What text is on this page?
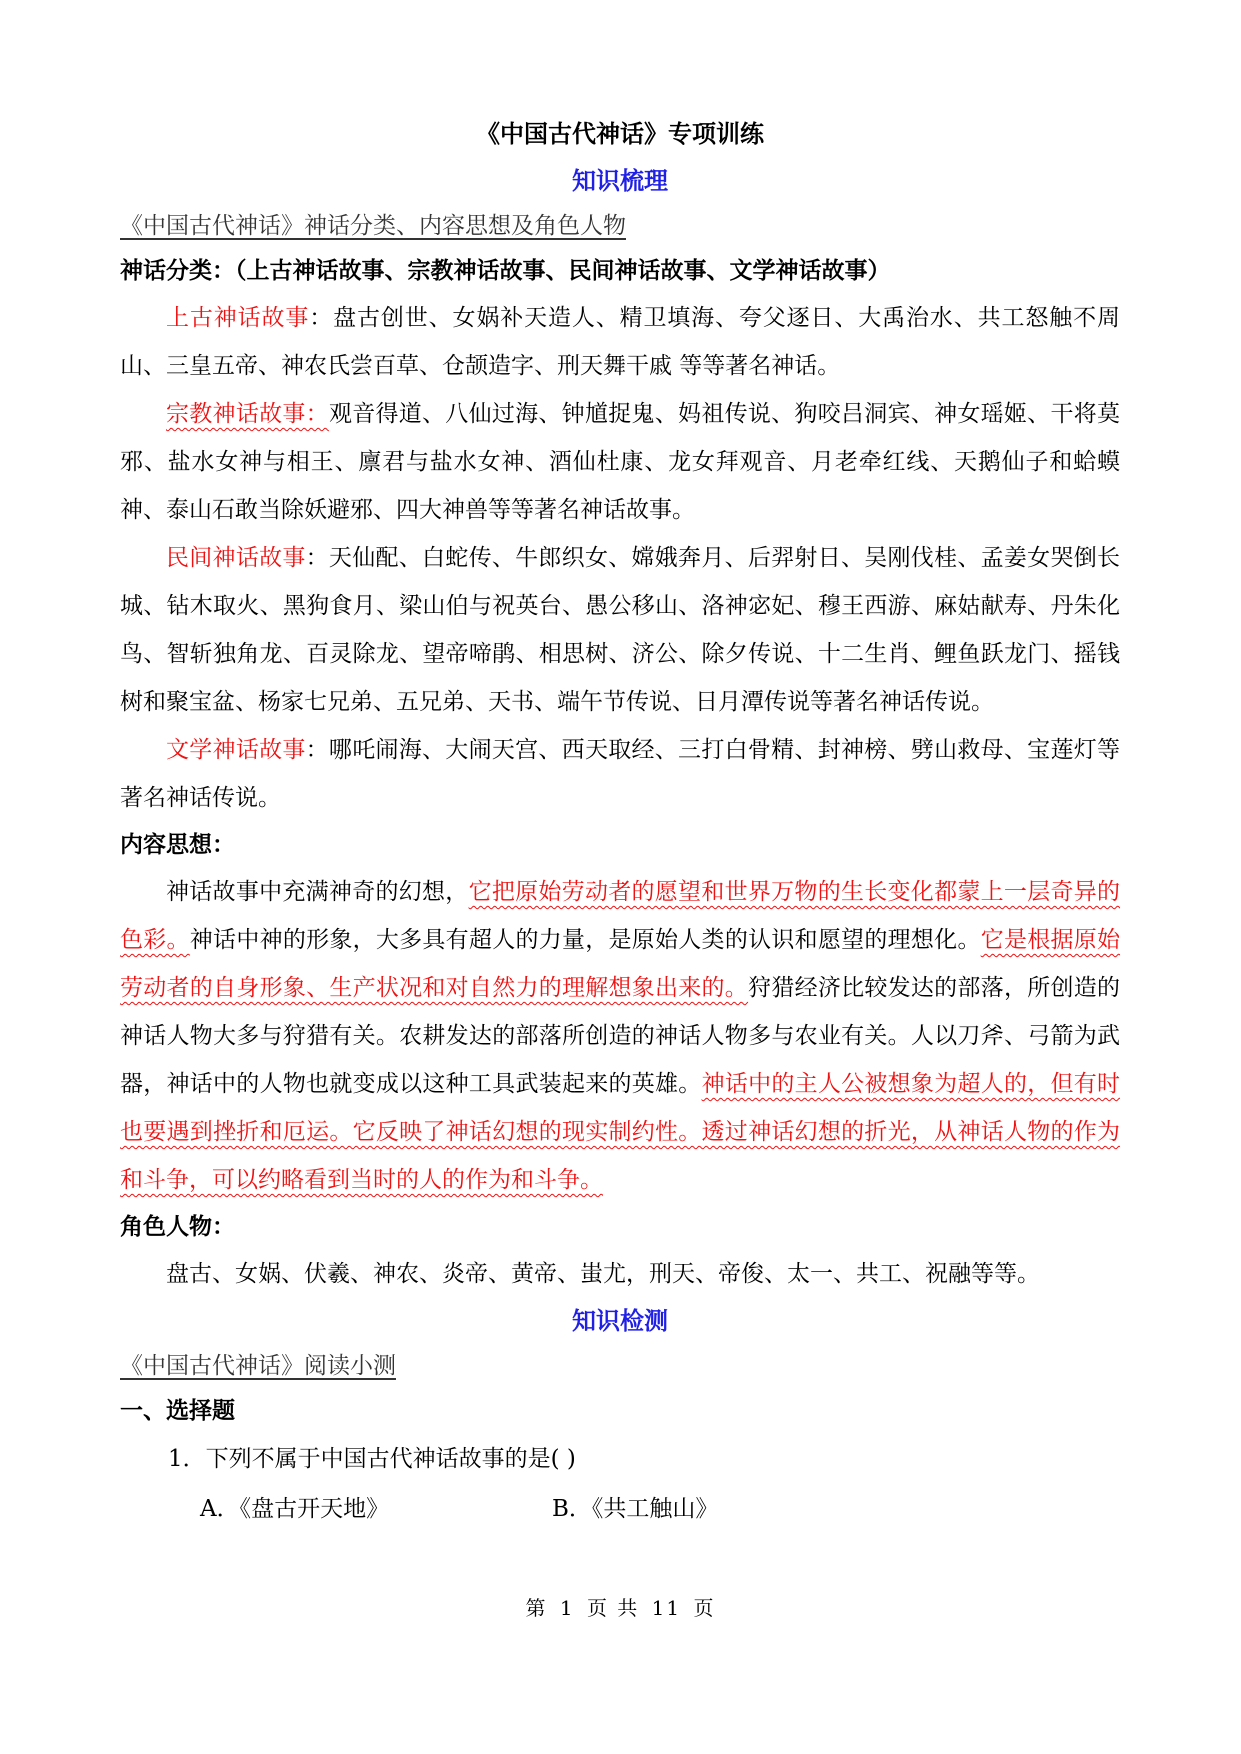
《中国古代神话》专项训练
知识梳理
《中国古代神话》神话分类、内容思想及角色人物
神话分类：（上古神话故事、宗教神话故事、民间神话故事、文学神话故事）

上古神话故事：盘古创世、女娲补天造人、精卫填海、夸父逐日、大禹治水、共工怒触不周山、三皇五帝、神农氏尝百草、仓颉造字、刑天舞干戚 等等著名神话。

宗教神话故事：观音得道、八仙过海、钟馗捉鬼、妈祖传说、狗咬吕洞宾、神女瑶姬、干将莫邪、盐水女神与相王、廪君与盐水女神、酒仙杜康、龙女拜观音、月老牵红线、天鹅仙子和蛤蟆神、泰山石敢当除妖避邪、四大神兽等等著名神话故事。

民间神话故事：天仙配、白蛇传、牛郎织女、嫦娥奔月、后羿射日、吴刚伐桂、孟姜女哭倒长城、钻木取火、黑狗食月、梁山伯与祝英台、愚公移山、洛神宓妃、穆王西游、麻姑献寿、丹朱化鸟、智斩独角龙、百灵除龙、望帝啼鹃、相思树、济公、除夕传说、十二生肖、鲤鱼跃龙门、摇钱树和聚宝盆、杨家七兄弟、五兄弟、天书、端午节传说、日月潭传说等著名神话传说。

文学神话故事：哪吒闹海、大闹天宫、西天取经、三打白骨精、封神榜、劈山救母、宝莲灯等著名神话传说。

内容思想：

神话故事中充满神奇的幻想，它把原始劳动者的愿望和世界万物的生长变化都蒙上一层奇异的色彩。神话中神的形象，大多具有超人的力量，是原始人类的认识和愿望的理想化。它是根据原始劳动者的自身形象、生产状况和对自然力的理解想象出来的。狩猎经济比较发达的部落，所创造的神话人物大多与狩猎有关。农耕发达的部落所创造的神话人物多与农业有关。人以刀斧、弓箭为武器，神话中的人物也就变成以这种工具武装起来的英雄。神话中的主人公被想象为超人的，但有时也要遇到挫折和厄运。它反映了神话幻想的现实制约性。透过神话幻想的折光，从神话人物的作为和斗争，可以约略看到当时的人的作为和斗争。

角色人物：

盘古、女娲、伏羲、神农、炎帝、黄帝、蚩尤，刑天、帝俊、太一、共工、祝融等等。

知识检测
《中国古代神话》阅读小测
一、选择题
1．下列不属于中国古代神话故事的是( )
A．《盘古开天地》	B．《共工触山》
第 1 页 共 11 页
